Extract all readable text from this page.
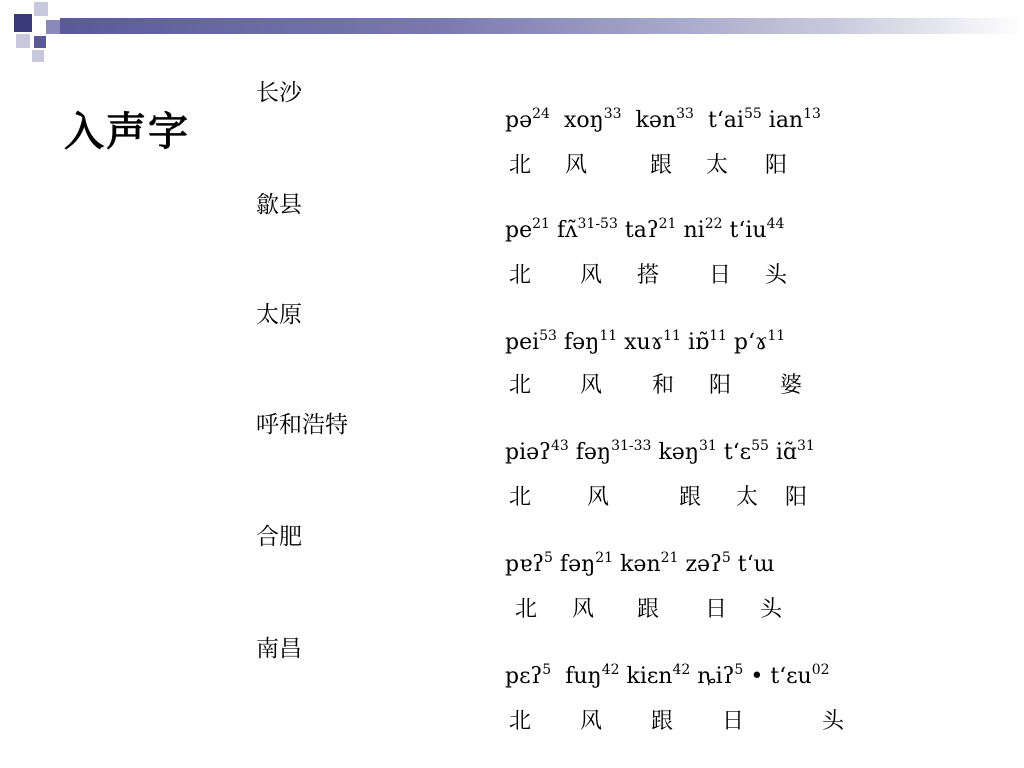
入声字
长沙
pə$^{24}$ xoŋ$^{33}$ kən$^{33}$ tʻai$^{55}$ ian$^{13}$
北 风	跟 太 阳
歙县
$pe^{21}$ fʌ̃$^{31-53}$ taʔ$^{21}$ $ni^{22}$ tʻiu$^{44}$
北 风 搭 日 头
太原
pei$^{53}$ fəŋ$^{11}$ xuɤ$^{11}$ iɒ̃$^{11}$ pʻɤ$^{11}$
北 风 和 阳 婆
呼和浩特
piəʔ$^{43}$ fəŋ$^{31-33}$ kəŋ$^{31}$ tʻɛ$^{55}$ iɑ̃$^{31}$
北	风	跟 太 阳
合肥
pɐʔ$^5$ fəŋ$^{21}$ kən$^{21}$ zəʔ$^5$ tʻɯ
北 风 跟 日 头
南昌
pɛʔ$^5$ fuŋ$^{42}$ kiɛn$^{42}$ ȵiʔ$^5$ • tʻɛu$^{02}$
北 风 跟 日	头
